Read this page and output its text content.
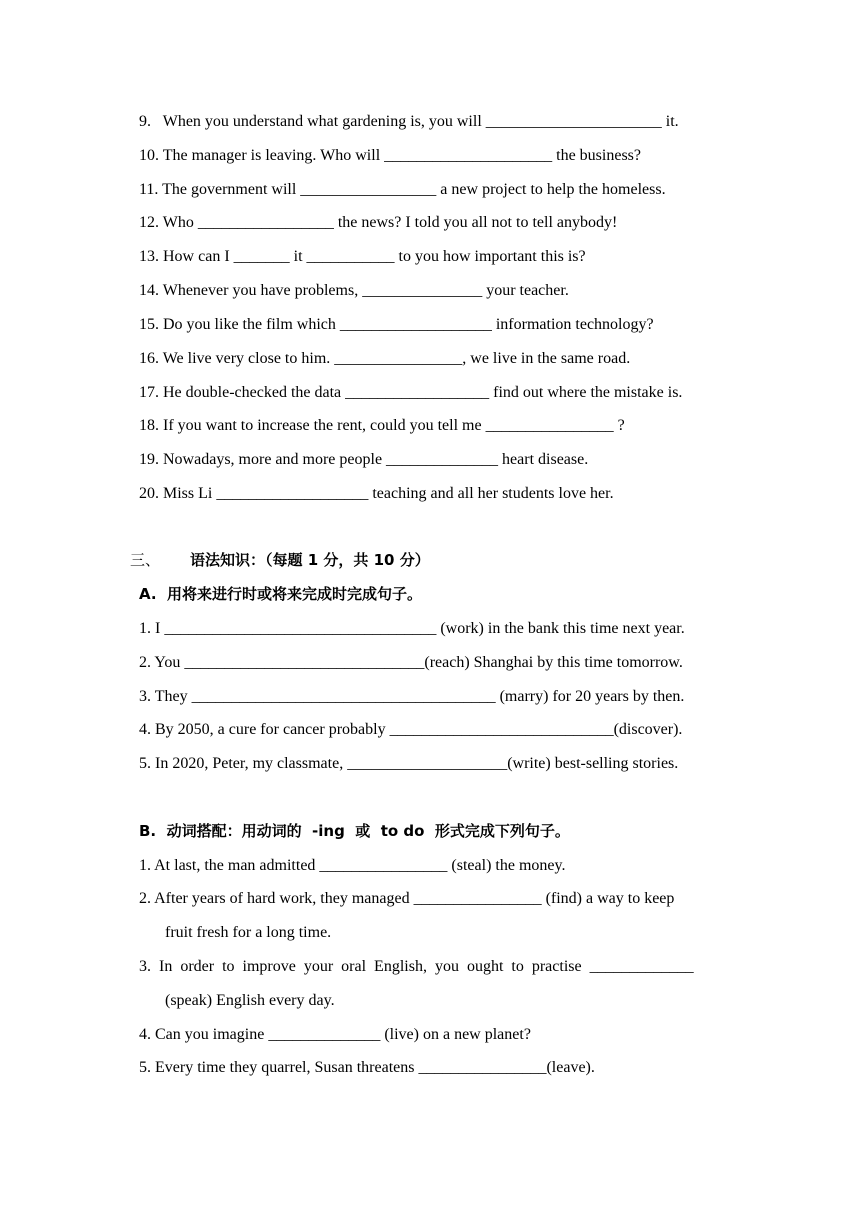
9.   When you understand what gardening is, you will ______________________ it.
10. The manager is leaving. Who will _____________________ the business?
11. The government will _________________ a new project to help the homeless.
12. Who _________________ the news? I told you all not to tell anybody!
13. How can I _______ it ___________ to you how important this is?
14. Whenever you have problems, _______________ your teacher.
15. Do you like the film which ___________________ information technology?
16. We live very close to him. ________________, we live in the same road.
17. He double-checked the data __________________ find out where the mistake is.
18. If you want to increase the rent, could you tell me ________________ ?
19. Nowadays, more and more people ______________ heart disease.
20. Miss Li ___________________ teaching and all her students love her.
三、 语法知识：（每题 1 分，共 10 分）
A.  用将来进行时或将来完成时完成句子。
1. I __________________________________ (work) in the bank this time next year.
2. You ______________________________(reach) Shanghai by this time tomorrow.
3. They ______________________________________ (marry) for 20 years by then.
4. By 2050, a cure for cancer probably ____________________________(discover).
5. In 2020, Peter, my classmate, ____________________(write) best-selling stories.
B.  动词搭配：用动词的  -ing  或  to do  形式完成下列句子。
1. At last, the man admitted ________________ (steal) the money.
2. After years of hard work, they managed ________________ (find) a way to keep
fruit fresh for a long time.
3.  In  order  to  improve  your  oral  English,  you  ought  to  practise  _____________
(speak) English every day.
4. Can you imagine ______________ (live) on a new planet?
5. Every time they quarrel, Susan threatens ________________(leave).
